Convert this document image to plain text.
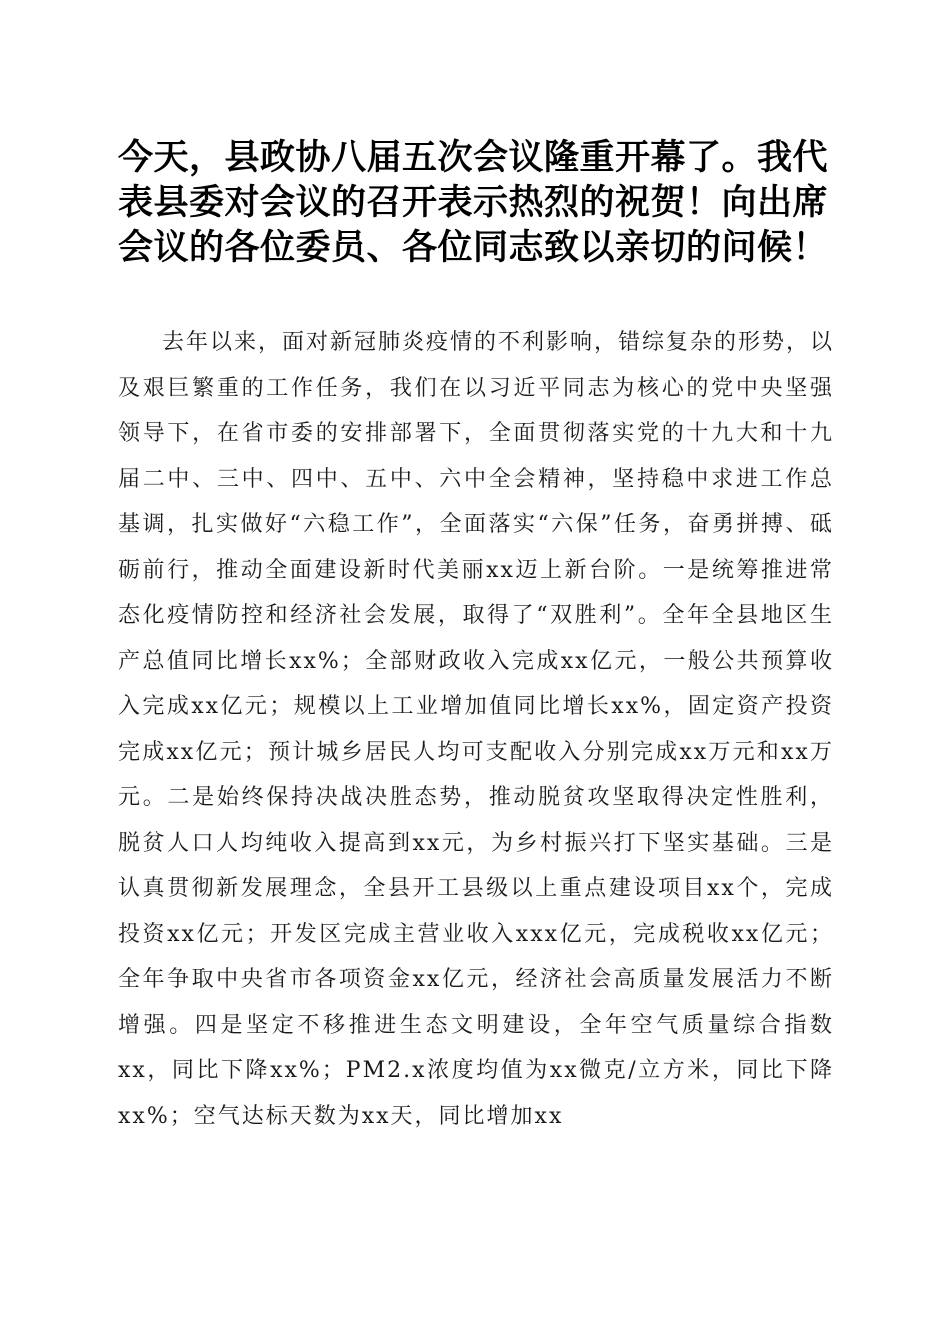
今天，县政协八届五次会议隆重开幕了。我代表县委对会议的召开表示热烈的祝贺！向出席会议的各位委员、各位同志致以亲切的问候！

去年以来，面对新冠肺炎疫情的不利影响，错综复杂的形势，以及艰巨繁重的工作任务，我们在以习近平同志为核心的党中央坚强领导下，在省市委的安排部署下，全面贯彻落实党的十九大和十九届二中、三中、四中、五中、六中全会精神，坚持稳中求进工作总基调，扎实做好“六稳工作”，全面落实“六保”任务，奋勇拼搏、砥砺前行，推动全面建设新时代美丽xx迈上新台阶。一是统筹推进常态化疫情防控和经济社会发展，取得了“双胜利”。全年全县地区生产总值同比增长xx%；全部财政收入完成xx亿元，一般公共预算收入完成xx亿元；规模以上工业增加值同比增长xx%，固定资产投资完成xx亿元；预计城乡居民人均可支配收入分别完成xx万元和xx万元。二是始终保持决战决胜态势，推动脱贫攻坚取得决定性胜利，脱贫人口人均纯收入提高到xx元，为乡村振兴打下坚实基础。三是认真贯彻新发展理念，全县开工县级以上重点建设项目xx个，完成投资xx亿元；开发区完成主营业收入xxx亿元，完成税收xx亿元；全年争取中央省市各项资金xx亿元，经济社会高质量发展活力不断增强。四是坚定不移推进生态文明建设，全年空气质量综合指数xx，同比下降xx%；PM2.x浓度均值为xx微克/立方米，同比下降xx%；空气达标天数为xx天，同比增加xx
